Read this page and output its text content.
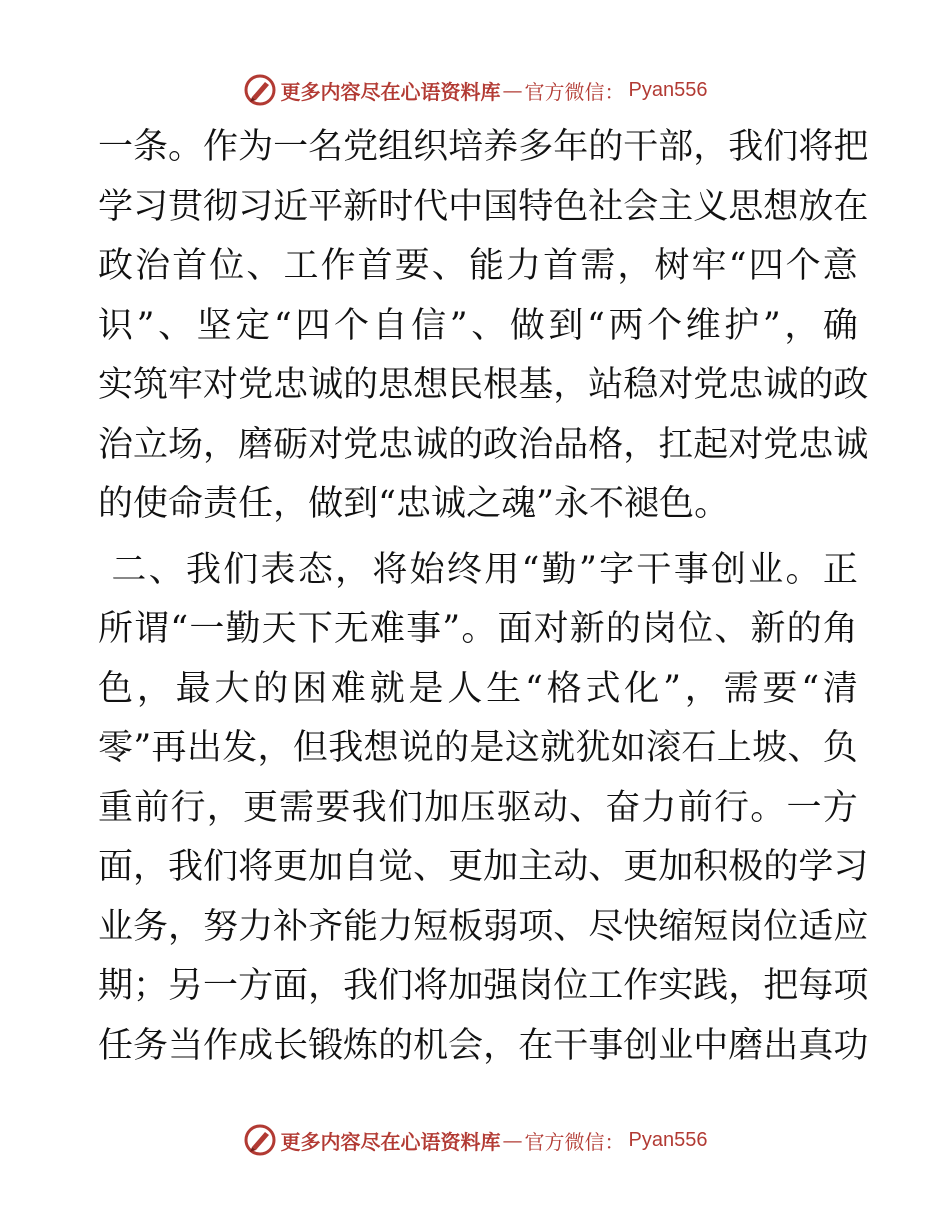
更多内容尽在心语资料库 — 官方微信： Pyan556
一 条 。 作 为 一 名 党 组 织 培 养 多 年 的 干 部 ， 我 们 将 把
学 习 贯 彻 习 近 平 新 时 代 中 国 特 色 社 会 主 义 思 想 放 在
政 治 首 位 、 工 作 首 要 、 能 力 首 需 ， 树 牢 “ 四 个 意
识 ” 、 坚 定 “ 四 个 自 信 ” 、 做 到 “ 两 个 维 护 ” ， 确
实 筑 牢 对 党 忠 诚 的 思 想 民 根 基 ， 站 稳 对 党 忠 诚 的 政
治 立 场 ， 磨 砺 对 党 忠 诚 的 政 治 品 格 ， 扛 起 对 党 忠 诚
的 使 命 责 任 ， 做 到 “ 忠 诚 之 魂 ” 永 不 褪 色 。

二 、 我 们 表 态 ， 将 始 终 用 “ 勤 ” 字 干 事 创 业 。 正
所 谓 “ 一 勤 天 下 无 难 事 ” 。 面 对 新 的 岗 位 、 新 的 角
色 ， 最 大 的 困 难 就 是 人 生 “ 格 式 化 ” ， 需 要 “ 清
零 ” 再 出 发 ， 但 我 想 说 的 是 这 就 犹 如 滚 石 上 坡 、 负
重 前 行 ， 更 需 要 我 们 加 压 驱 动 、 奋 力 前 行 。 一 方
面 ， 我 们 将 更 加 自 觉 、 更 加 主 动 、 更 加 积 极 的 学 习
业 务 ， 努 力 补 齐 能 力 短 板 弱 项 、 尽 快 缩 短 岗 位 适 应
期 ； 另 一 方 面 ， 我 们 将 加 强 岗 位 工 作 实 践 ， 把 每 项
任 务 当 作 成 长 锻 炼 的 机 会 ， 在 干 事 创 业 中 磨 出 真 功
更多内容尽在心语资料库 — 官方微信： Pyan556
